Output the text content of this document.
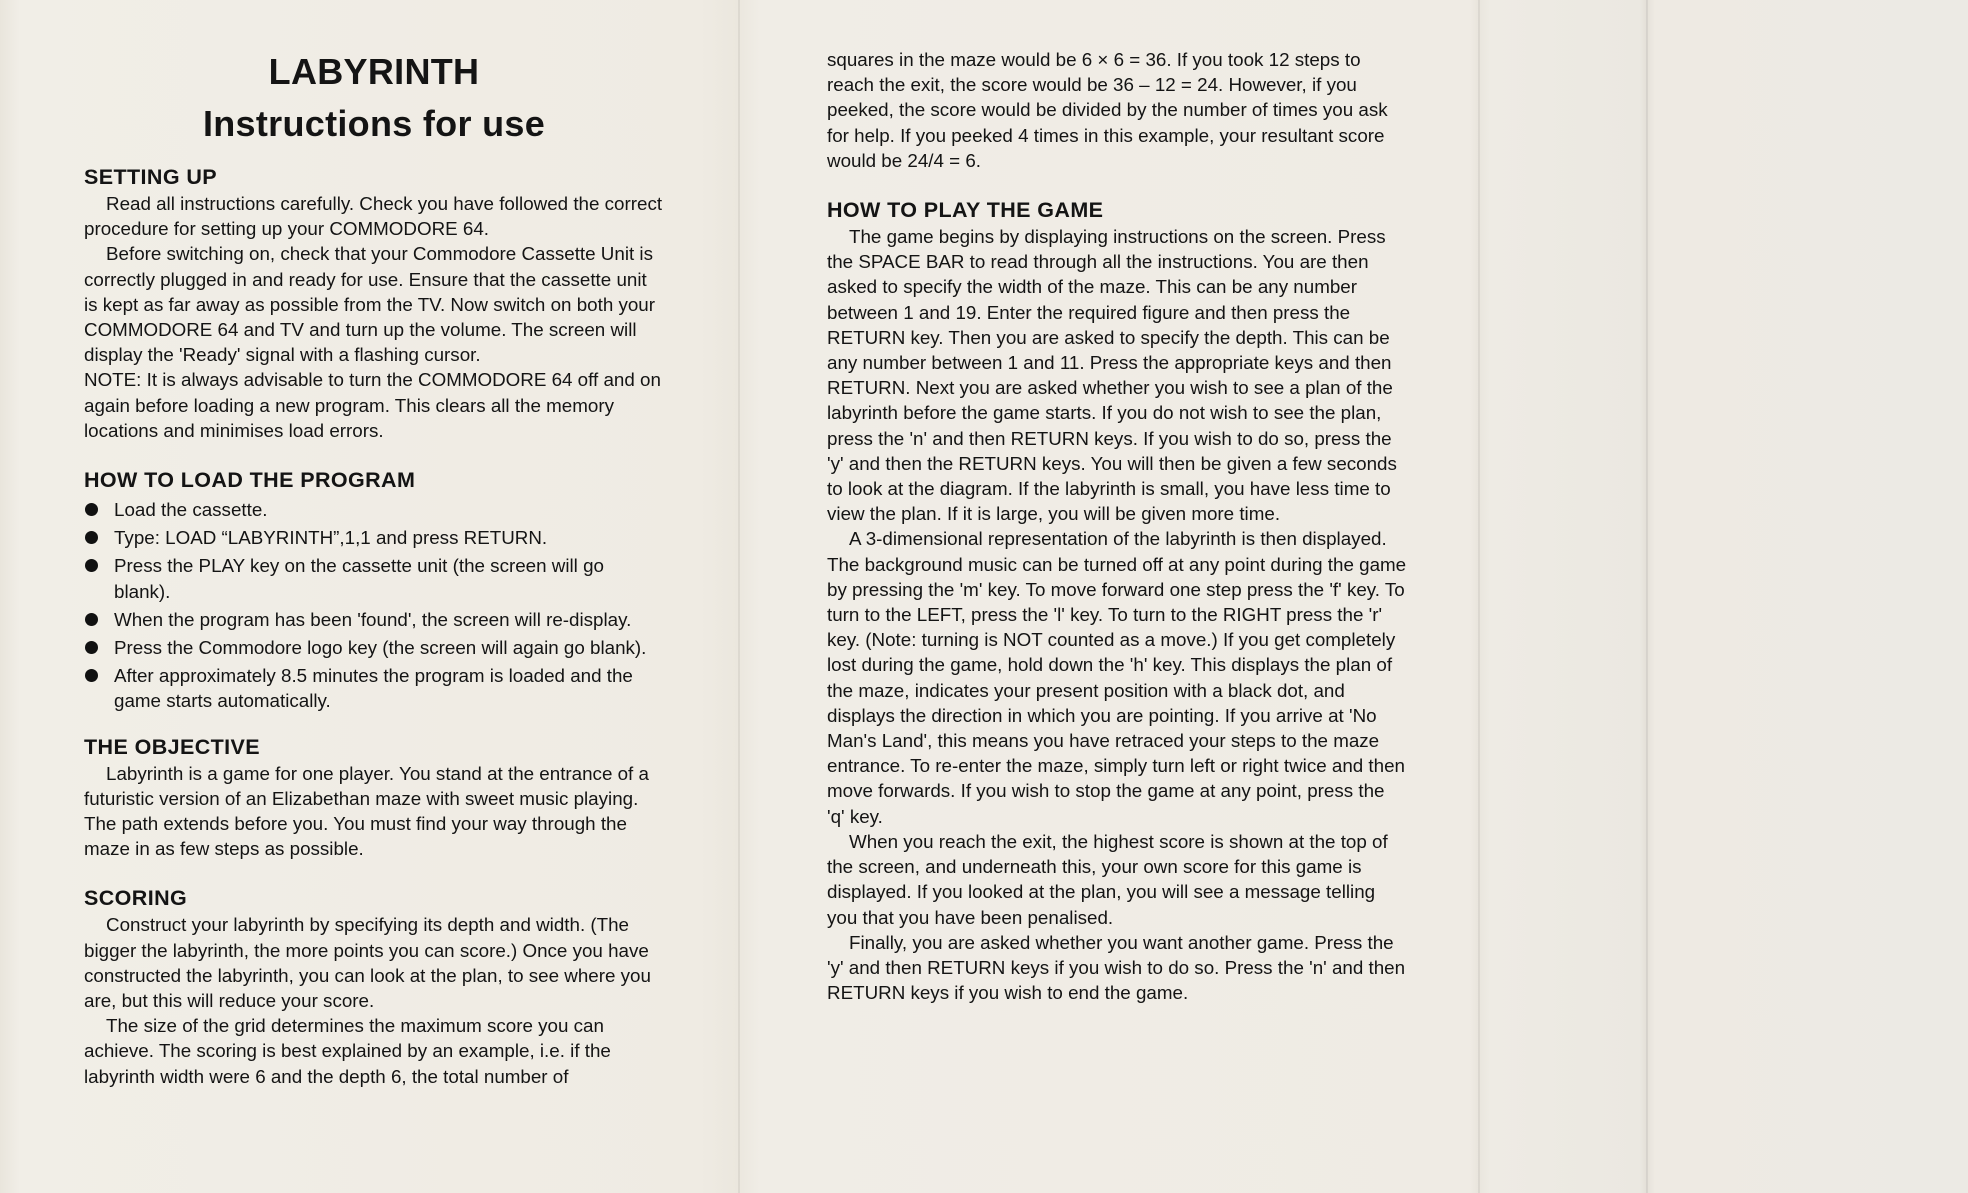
LABYRINTH
Instructions for use
SETTING UP

Read all instructions carefully. Check you have followed the correct procedure for setting up your COMMODORE 64.

Before switching on, check that your Commodore Cassette Unit is correctly plugged in and ready for use. Ensure that the cassette unit is kept as far away as possible from the TV. Now switch on both your COMMODORE 64 and TV and turn up the volume. The screen will display the 'Ready' signal with a flashing cursor.

NOTE: It is always advisable to turn the COMMODORE 64 off and on again before loading a new program. This clears all the memory locations and minimises load errors.

HOW TO LOAD THE PROGRAM
Load the cassette.
Type: LOAD “LABYRINTH”,1,1 and press RETURN.
Press the PLAY key on the cassette unit (the screen will go blank).
When the program has been 'found', the screen will re-display.
Press the Commodore logo key (the screen will again go blank).
After approximately 8.5 minutes the program is loaded and the game starts automatically.
THE OBJECTIVE

Labyrinth is a game for one player. You stand at the entrance of a futuristic version of an Elizabethan maze with sweet music playing. The path extends before you. You must find your way through the maze in as few steps as possible.

SCORING

Construct your labyrinth by specifying its depth and width. (The bigger the labyrinth, the more points you can score.) Once you have constructed the labyrinth, you can look at the plan, to see where you are, but this will reduce your score.

The size of the grid determines the maximum score you can achieve. The scoring is best explained by an example, i.e. if the labyrinth width were 6 and the depth 6, the total number of

squares in the maze would be 6 × 6 = 36. If you took 12 steps to reach the exit, the score would be 36 – 12 = 24. However, if you peeked, the score would be divided by the number of times you ask for help. If you peeked 4 times in this example, your resultant score would be 24/4 = 6.

HOW TO PLAY THE GAME

The game begins by displaying instructions on the screen. Press the SPACE BAR to read through all the instructions. You are then asked to specify the width of the maze. This can be any number between 1 and 19. Enter the required figure and then press the RETURN key. Then you are asked to specify the depth. This can be any number between 1 and 11. Press the appropriate keys and then RETURN. Next you are asked whether you wish to see a plan of the labyrinth before the game starts. If you do not wish to see the plan, press the 'n' and then RETURN keys. If you wish to do so, press the 'y' and then the RETURN keys. You will then be given a few seconds to look at the diagram. If the labyrinth is small, you have less time to view the plan. If it is large, you will be given more time.

A 3-dimensional representation of the labyrinth is then displayed. The background music can be turned off at any point during the game by pressing the 'm' key. To move forward one step press the 'f' key. To turn to the LEFT, press the 'l' key. To turn to the RIGHT press the 'r' key. (Note: turning is NOT counted as a move.) If you get completely lost during the game, hold down the 'h' key. This displays the plan of the maze, indicates your present position with a black dot, and displays the direction in which you are pointing. If you arrive at 'No Man's Land', this means you have retraced your steps to the maze entrance. To re-enter the maze, simply turn left or right twice and then move forwards. If you wish to stop the game at any point, press the 'q' key.

When you reach the exit, the highest score is shown at the top of the screen, and underneath this, your own score for this game is displayed. If you looked at the plan, you will see a message telling you that you have been penalised.

Finally, you are asked whether you want another game. Press the 'y' and then RETURN keys if you wish to do so. Press the 'n' and then RETURN keys if you wish to end the game.
